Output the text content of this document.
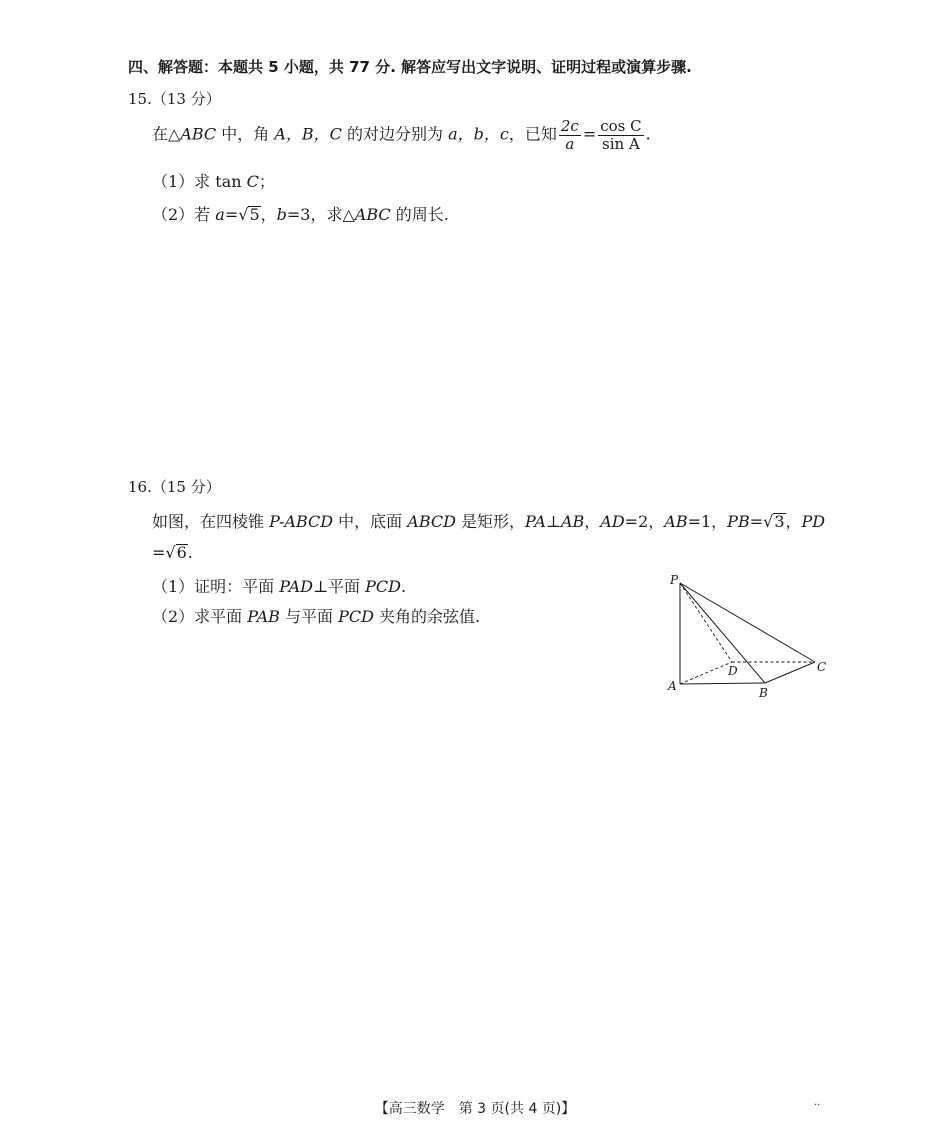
四、解答题：本题共 5 小题，共 77 分. 解答应写出文字说明、证明过程或演算步骤.
15.（13 分）
在△ABC 中，角 A，B，C 的对边分别为 a，b，c，已知 $\frac{2c}{a} = \frac{\text{cos C}}{\text{sin A}}$ .
（1）求 tan C；
（2）若 a=√5，b=3，求△ABC 的周长.
16.（15 分）
如图，在四棱锥 P-ABCD 中，底面 ABCD 是矩形，PA⊥AB，AD=2，AB=1，PB=√3，PD
=√6.
（1）证明：平面 PAD⊥平面 PCD.
（2）求平面 PAB 与平面 PCD 夹角的余弦值.
P
A	B
C
D
【高三数学　第 3 页(共 4 页)】	··
